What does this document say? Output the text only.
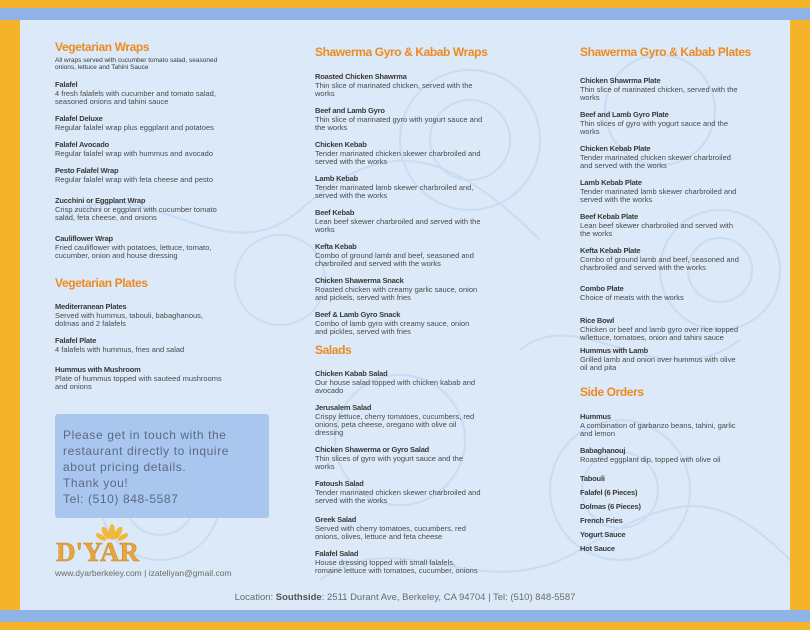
Vegetarian Wraps
All wraps served with cucumber tomato salad, seasoned onions, lettuce and Tahini Sauce
Falafel
4 fresh falafels with cucumber and tomato salad, seasoned onions and tahini sauce
Falafel Deluxe
Regular falafel wrap plus eggplant and potatoes
Falafel Avocado
Regular falafel wrap with hummus and avocado
Pesto Falafel Wrap
Regular falafel wrap with feta cheese and pesto
Zucchini or Eggplant Wrap
Crisp zucchini or eggplant with cucumber tomato salad, feta cheese, and onions
Cauliflower Wrap
Fried cauliflower with potatoes, lettuce, tomato, cucumber, onion and house dressing
Vegetarian Plates
Mediterranean Plates
Served with hummus, tabouli, babaghanous, dolmas and 2 falafels
Falafel Plate
4 falafels with hummus, fries and salad
Hummus with Mushroom
Plate of hummus topped with sauteed mushrooms and onions
Shawerma Gyro & Kabab Wraps
Roasted Chicken Shawrma
Thin slice of marinated chicken, served with the works
Beef and Lamb Gyro
Thin slice of marinated gyro with yogurt sauce and the works
Chicken Kebab
Tender marinated chicken skewer charbroiled and served with the works
Lamb Kebab
Tender marinated lamb skewer charbroiled and, served with the works
Beef Kebab
Lean beef skewer charbroiled and served with the works
Kefta Kebab
Combo of ground lamb and beef, seasoned and charbroiled and served with the works
Chicken Shawerma Snack
Roasted chicken with creamy garlic sauce, onion and pickels, served with fries
Beef & Lamb Gyro Snack
Combo of lamb gyro with creamy sauce, onion and pickles, served with fries
Salads
Chicken Kabab Salad
Our house salad topped with chicken kabab and avocado
Jerusalem Salad
Crispy lettuce, cherry tomatoes, cucumbers, red onions, peta cheese, oregano with olive oil dressing
Chicken Shawerma or Gyro Salad
Thin slices of gyro with yogurt sauce and the works
Fatoush Salad
Tender marinated chicken skewer charbroiled and served with the works
Greek Salad
Served with cherry tomatoes, cucumbers, red onions, olives, lettuce and feta cheese
Falafel Salad
House dressing topped with small falafels, romaine lettuce with tomatoes, cucumber, onions
Shawerma Gyro & Kabab Plates
Chicken Shawrma Plate
Thin slice of marinated chicken, served with the works
Beef and Lamb Gyro Plate
Thin slices of gyro with yogurt sauce and the works
Chicken Kebab Plate
Tender marinated chicken skewer charbroiled and served with the works
Lamb Kebab Plate
Tender marinated lamb skewer charbroiled and served with the works
Beef Kebab Plate
Lean beef skewer charbroiled and served with the works
Kefta Kebab Plate
Combo of ground lamb and beef, seasoned and charbroiled and served with the works
Combo Plate
Choice of meats with the works
Rice Bowl
Chicken or beef and lamb gyro over rice topped w/lettuce, tomatoes, onion and tahini sauce
Hummus with Lamb
Grilled lamb and onion over hummus with olive oil and pita
Side Orders
Hummus
A combination of garbanzo beans, tahini, garlic and lemon
Babaghanouj
Roasted eggplant dip, topped with olive oil
Tabouli
Falafel (6 Pieces)
Dolmas (6 Pieces)
French Fries
Yogurt Sauce
Hot Sauce

Please get in touch with the
restaurant directly to inquire
about pricing details.
Thank you!
Tel: (510) 848-5587

D'YAR
www.dyarberkeley.com | izateliyan@gmail.com
Location: Southside: 2511 Durant Ave, Berkeley, CA 94704 | Tel: (510) 848-5587
